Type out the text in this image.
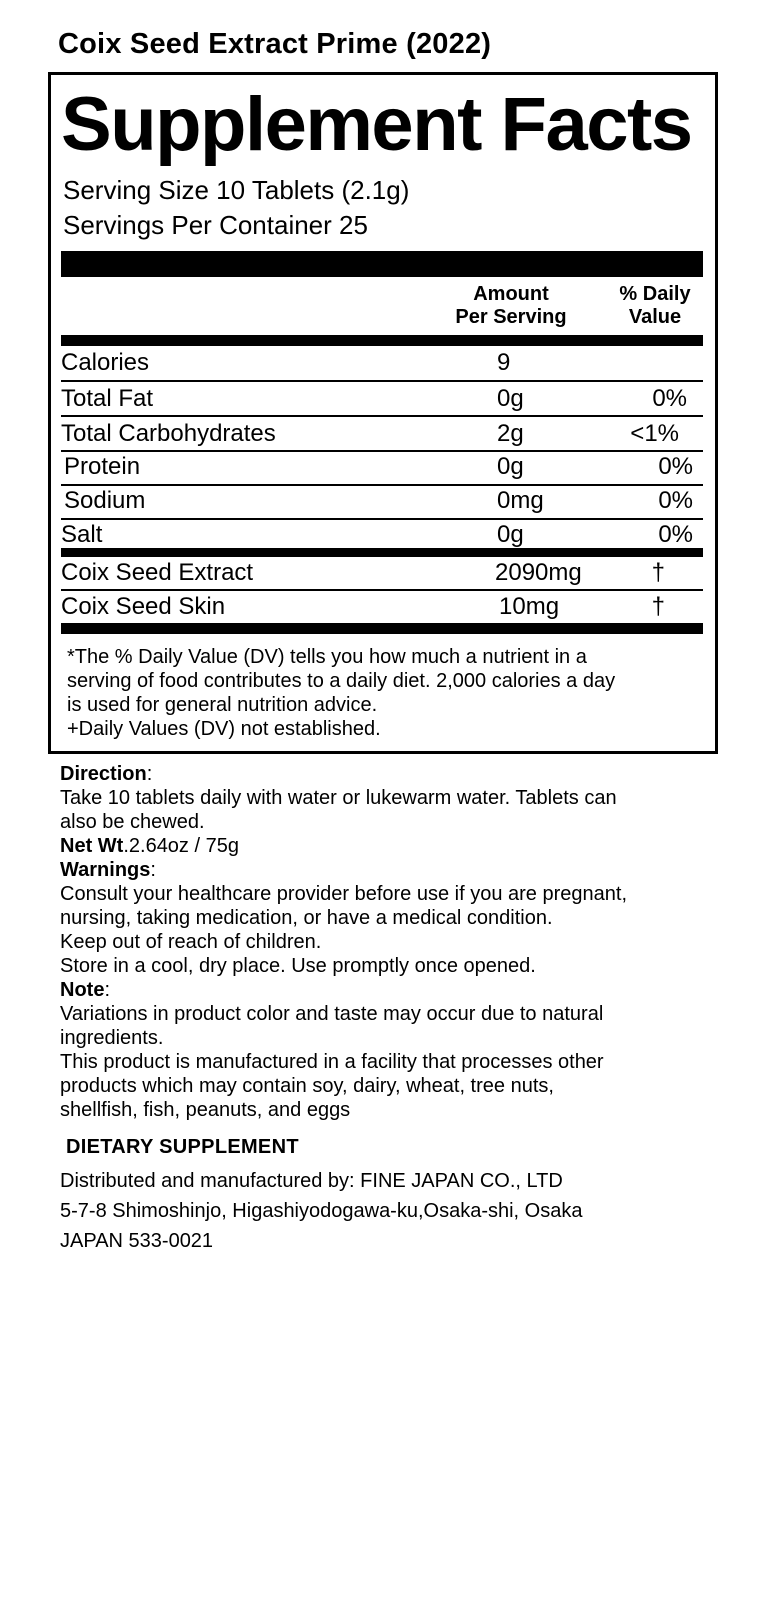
Coix Seed Extract Prime (2022)
Supplement Facts
Serving Size 10 Tablets (2.1g)
Servings Per Container 25
Amount
Per Serving
% Daily
Value
Calories	9
Total Fat	0g	0%
Total Carbohydrates	2g	<1%
Protein	0g	0%
Sodium	0mg	0%
Salt	0g	0%
Coix Seed Extract	2090mg	†
Coix Seed Skin	10mg	†
*The % Daily Value (DV) tells you how much a nutrient in a
serving of food contributes to a daily diet. 2,000 calories a day
is used for general nutrition advice.
+Daily Values (DV) not established.
Direction:
Take 10 tablets daily with water or lukewarm water. Tablets can
also be chewed.
Net Wt.2.64oz / 75g
Warnings:
Consult your healthcare provider before use if you are pregnant,
nursing, taking medication, or have a medical condition.
Keep out of reach of children.
Store in a cool, dry place. Use promptly once opened.
Note:
Variations in product color and taste may occur due to natural
ingredients.
This product is manufactured in a facility that processes other
products which may contain soy, dairy, wheat, tree nuts,
shellfish, fish, peanuts, and eggs
DIETARY SUPPLEMENT
Distributed and manufactured by: FINE JAPAN CO., LTD
5-7-8 Shimoshinjo, Higashiyodogawa-ku,Osaka-shi, Osaka
JAPAN 533-0021
